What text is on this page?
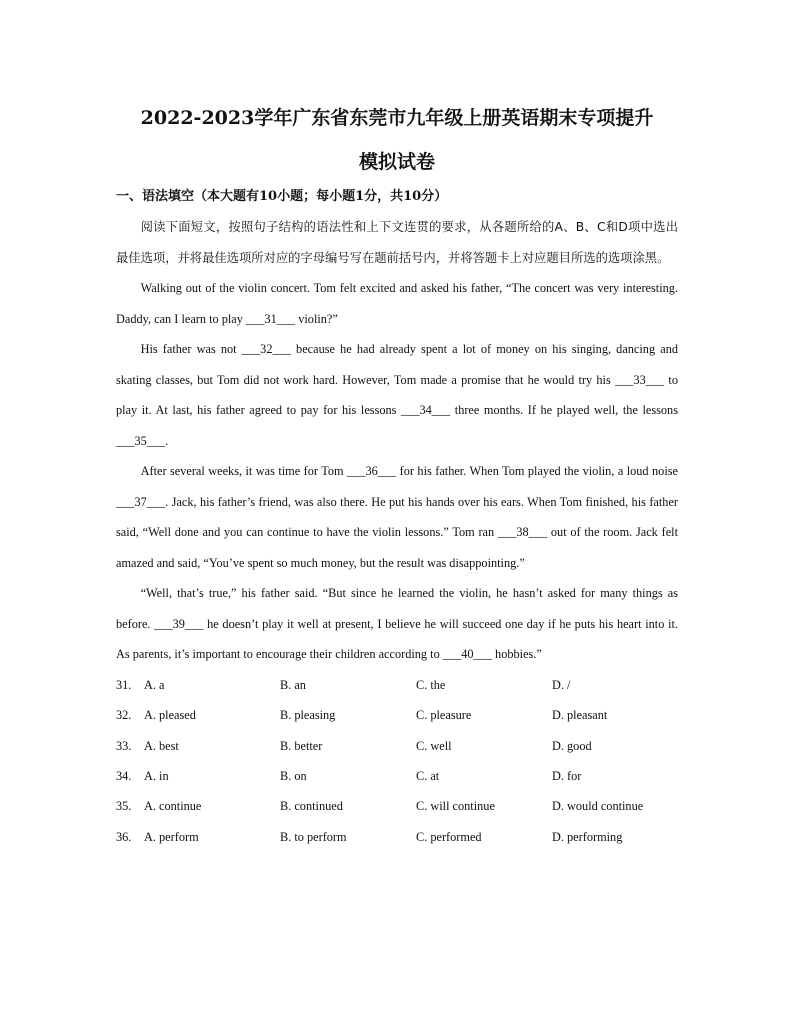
2022-2023学年广东省东莞市九年级上册英语期末专项提升
模拟试卷
一、语法填空（本大题有10小题；每小题1分，共10分）

阅读下面短文，按照句子结构的语法性和上下文连贯的要求，从各题所给的A、B、C和D项中选出最佳选项，并将最佳选项所对应的字母编号写在题前括号内，并将答题卡上对应题目所选的选项涂黑。

Walking out of the violin concert. Tom felt excited and asked his father, “The concert was very interesting. Daddy, can I learn to play ___31___ violin?”

His father was not ___32___ because he had already spent a lot of money on his singing, dancing and skating classes, but Tom did not work hard. However, Tom made a promise that he would try his ___33___ to play it. At last, his father agreed to pay for his lessons ___34___ three months. If he played well, the lessons ___35___.

After several weeks, it was time for Tom ___36___ for his father. When Tom played the violin, a loud noise ___37___. Jack, his father’s friend, was also there. He put his hands over his ears. When Tom finished, his father said, “Well done and you can continue to have the violin lessons.” Tom ran ___38___ out of the room. Jack felt amazed and said, “You’ve spent so much money, but the result was disappointing.”

“Well, that’s true,” his father said. “But since he learned the violin, he hasn’t asked for many things as before. ___39___ he doesn’t play it well at present, I believe he will succeed one day if he puts his heart into it. As parents, it’s important to encourage their children according to ___40___ hobbies.”

31.	A. a	B. an	C. the	D. /
32.	A. pleased	B. pleasing	C. pleasure	D. pleasant
33.	A. best	B. better	C. well	D. good
34.	A. in	B. on	C. at	D. for
35.	A. continue	B. continued	C. will continue	D. would continue
36.	A. perform	B. to perform	C. performed	D. performing
